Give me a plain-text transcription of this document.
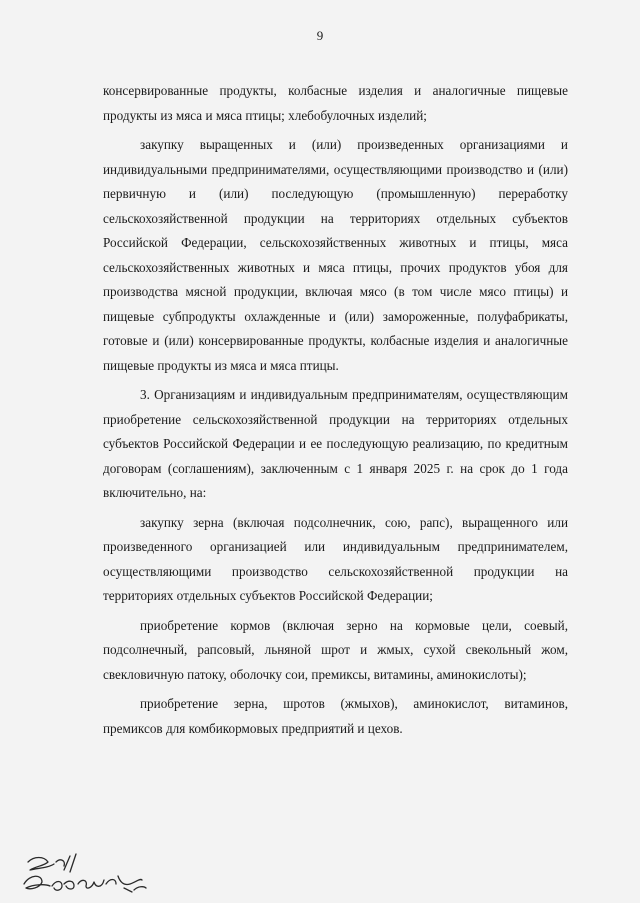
9

консервированные продукты, колбасные изделия и аналогичные пищевые продукты из мяса и мяса птицы; хлебобулочных изделий;

закупку выращенных и (или) произведенных организациями и индивидуальными предпринимателями, осуществляющими производство и (или) первичную и (или) последующую (промышленную) переработку сельскохозяйственной продукции на территориях отдельных субъектов Российской Федерации, сельскохозяйственных животных и птицы, мяса сельскохозяйственных животных и мяса птицы, прочих продуктов убоя для производства мясной продукции, включая мясо (в том числе мясо птицы) и пищевые субпродукты охлажденные и (или) замороженные, полуфабрикаты, готовые и (или) консервированные продукты, колбасные изделия и аналогичные пищевые продукты из мяса и мяса птицы.

3. Организациям и индивидуальным предпринимателям, осуществляющим приобретение сельскохозяйственной продукции на территориях отдельных субъектов Российской Федерации и ее последующую реализацию, по кредитным договорам (соглашениям), заключенным с 1 января 2025 г. на срок до 1 года включительно, на:

закупку зерна (включая подсолнечник, сою, рапс), выращенного или произведенного организацией или индивидуальным предпринимателем, осуществляющими производство сельскохозяйственной продукции на территориях отдельных субъектов Российской Федерации;

приобретение кормов (включая зерно на кормовые цели, соевый, подсолнечный, рапсовый, льняной шрот и жмых, сухой свекольный жом, свекловичную патоку, оболочку сои, премиксы, витамины, аминокислоты);

приобретение зерна, шротов (жмыхов), аминокислот, витаминов, премиксов для комбикормовых предприятий и цехов.
